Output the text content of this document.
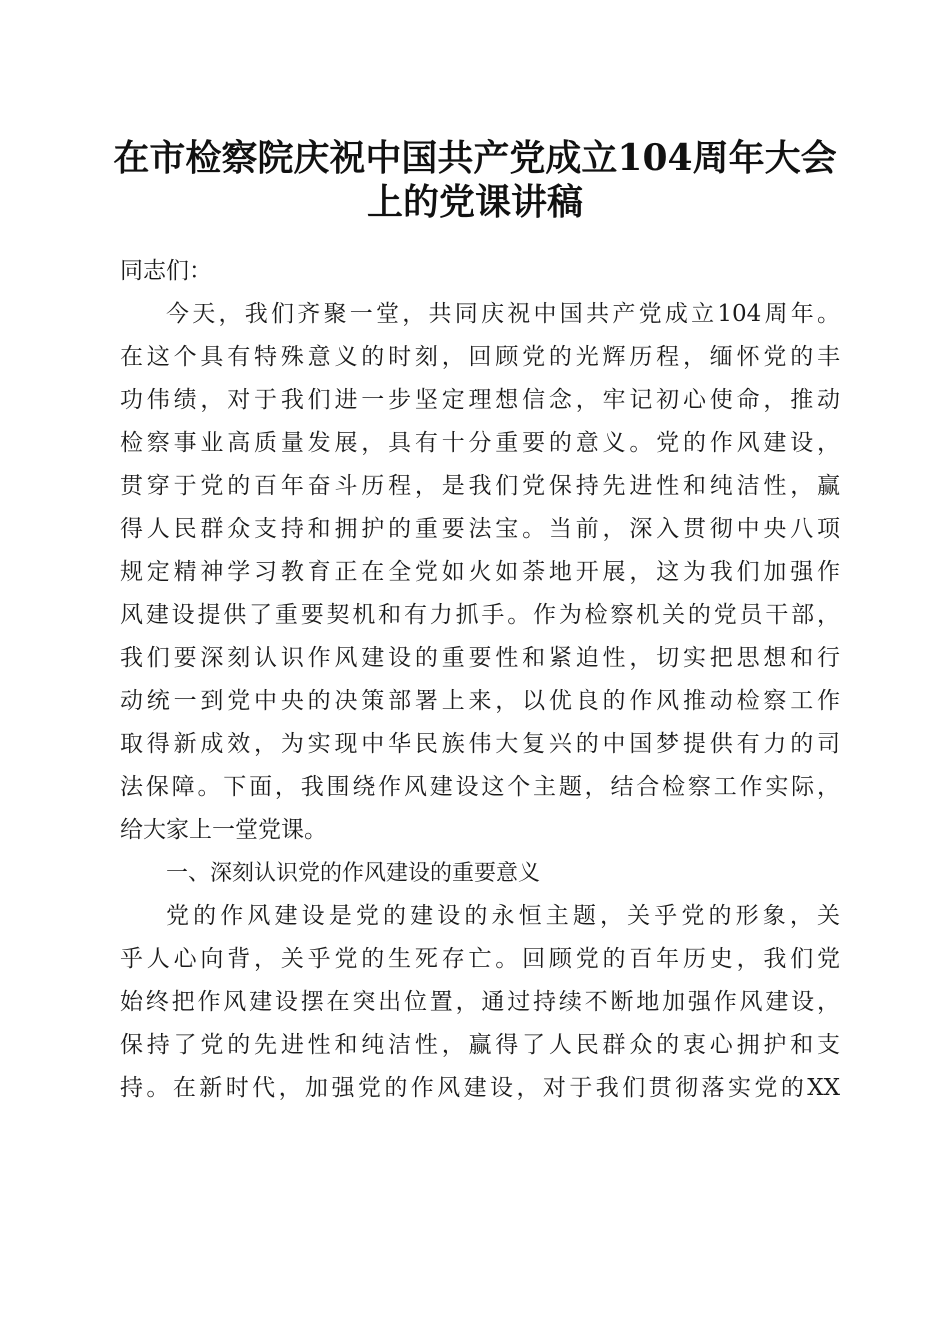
在市检察院庆祝中国共产党成立104周年大会
上的党课讲稿
同志们：
今天，我们齐聚一堂，共同庆祝中国共产党成立104周年。
在这个具有特殊意义的时刻，回顾党的光辉历程，缅怀党的丰
功伟绩，对于我们进一步坚定理想信念，牢记初心使命，推动
检察事业高质量发展，具有十分重要的意义。党的作风建设，
贯穿于党的百年奋斗历程，是我们党保持先进性和纯洁性，赢
得人民群众支持和拥护的重要法宝。当前，深入贯彻中央八项
规定精神学习教育正在全党如火如荼地开展，这为我们加强作
风建设提供了重要契机和有力抓手。作为检察机关的党员干部，
我们要深刻认识作风建设的重要性和紧迫性，切实把思想和行
动统一到党中央的决策部署上来，以优良的作风推动检察工作
取得新成效，为实现中华民族伟大复兴的中国梦提供有力的司
法保障。下面，我围绕作风建设这个主题，结合检察工作实际，
给大家上一堂党课。
一、深刻认识党的作风建设的重要意义
党的作风建设是党的建设的永恒主题，关乎党的形象，关
乎人心向背，关乎党的生死存亡。回顾党的百年历史，我们党
始终把作风建设摆在突出位置，通过持续不断地加强作风建设，
保持了党的先进性和纯洁性，赢得了人民群众的衷心拥护和支
持。在新时代，加强党的作风建设，对于我们贯彻落实党的XX
